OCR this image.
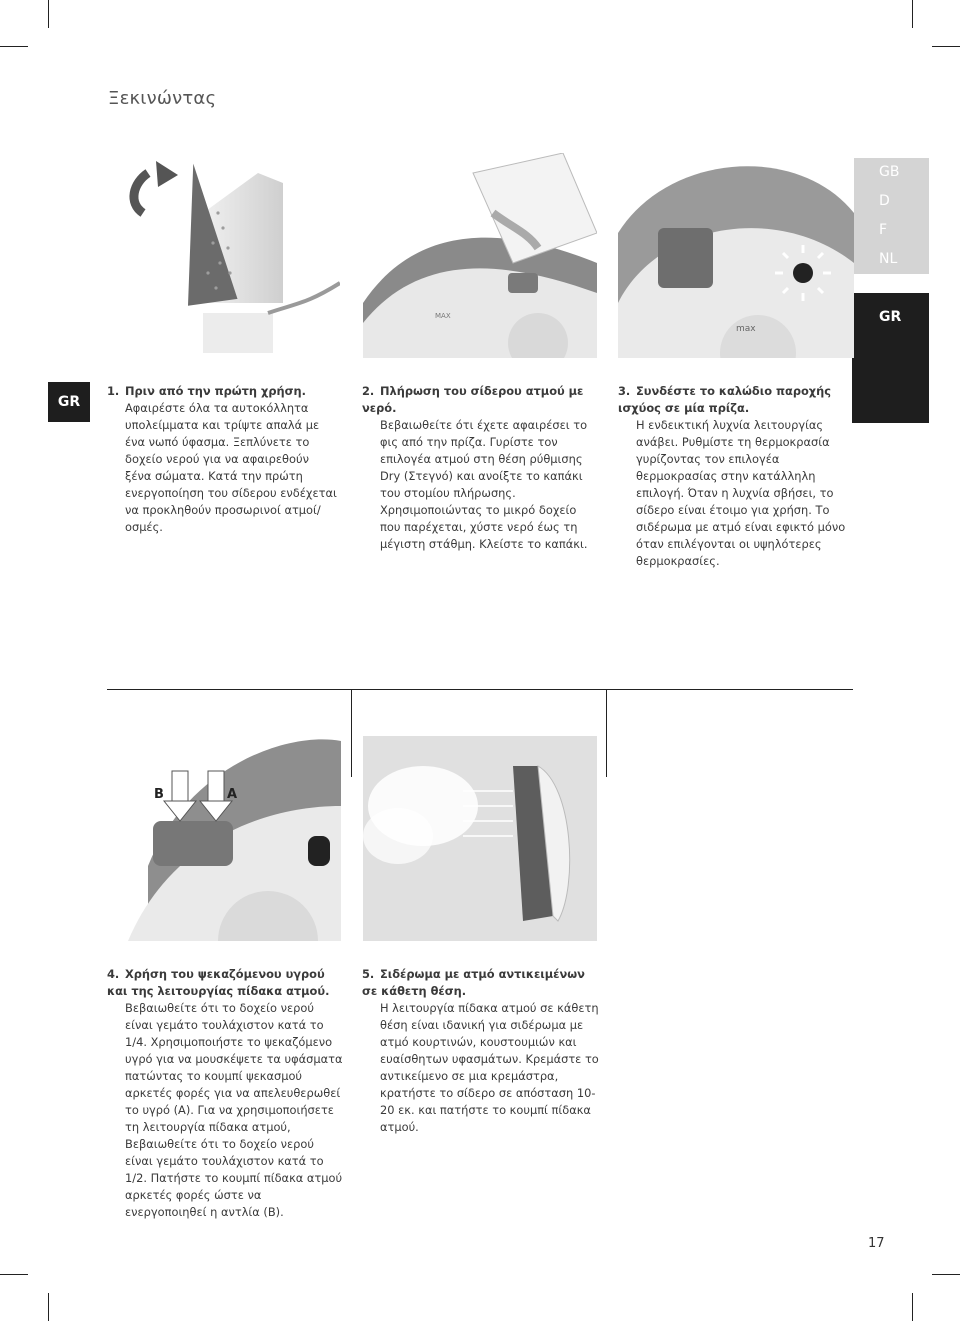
Ξεκινώντας
GB
D
F
NL
GR
GR
MAX
max
1. Πριν από την πρώτη χρήση.
Αφαιρέστε όλα τα αυτοκόλλητα υπολείμματα και τρίψτε απαλά με ένα νωπό ύφασμα. Ξεπλύνετε το δοχείο νερού για να αφαιρεθούν ξένα σώματα. Κατά την πρώτη ενεργοποίηση του σίδερου ενδέχεται να προκληθούν προσωρινοί ατμοί/ οσμές.
2. Πλήρωση του σίδερου ατμού με νερό.
Βεβαιωθείτε ότι έχετε αφαιρέσει το φις από την πρίζα. Γυρίστε τον επιλογέα ατμού στη θέση ρύθμισης Dry (Στεγνό) και ανοίξτε το καπάκι του στομίου πλήρωσης. Χρησιμοποιώντας το μικρό δοχείο που παρέχεται, χύστε νερό έως τη μέγιστη στάθμη. Κλείστε το καπάκι.
3. Συνδέστε το καλώδιο παροχής ισχύος σε μία πρίζα.
Η ενδεικτική λυχνία λειτουργίας ανάβει. Ρυθμίστε τη θερμοκρασία γυρίζοντας τον επιλογέα θερμοκρασίας στην κατάλληλη επιλογή. Όταν η λυχνία σβήσει, το σίδερο είναι έτοιμο για χρήση. Το σιδέρωμα με ατμό είναι εφικτό μόνο όταν επιλέγονται οι υψηλότερες θερμοκρασίες.
B	A
4. Χρήση του ψεκαζόμενου υγρού και της λειτουργίας πίδακα ατμού.
Βεβαιωθείτε ότι το δοχείο νερού είναι γεμάτο τουλάχιστον κατά το 1/4. Χρησιμοποιήστε το ψεκαζόμενο υγρό για να μουσκέψετε τα υφάσματα πατώντας το κουμπί ψεκασμού αρκετές φορές για να απελευθερωθεί το υγρό (A). Για να χρησιμοποιήσετε τη λειτουργία πίδακα ατμού, Βεβαιωθείτε ότι το δοχείο νερού είναι γεμάτο τουλάχιστον κατά το 1/2. Πατήστε το κουμπί πίδακα ατμού αρκετές φορές ώστε να ενεργοποιηθεί η αντλία (B).
5. Σιδέρωμα με ατμό αντικειμένων σε κάθετη θέση.
Η λειτουργία πίδακα ατμού σε κάθετη θέση είναι ιδανική για σιδέρωμα με ατμό κουρτινών, κουστουμιών και ευαίσθητων υφασμάτων. Κρεμάστε το αντικείμενο σε μια κρεμάστρα, κρατήστε το σίδερο σε απόσταση 10-20 εκ. και πατήστε το κουμπί πίδακα ατμού.
17
